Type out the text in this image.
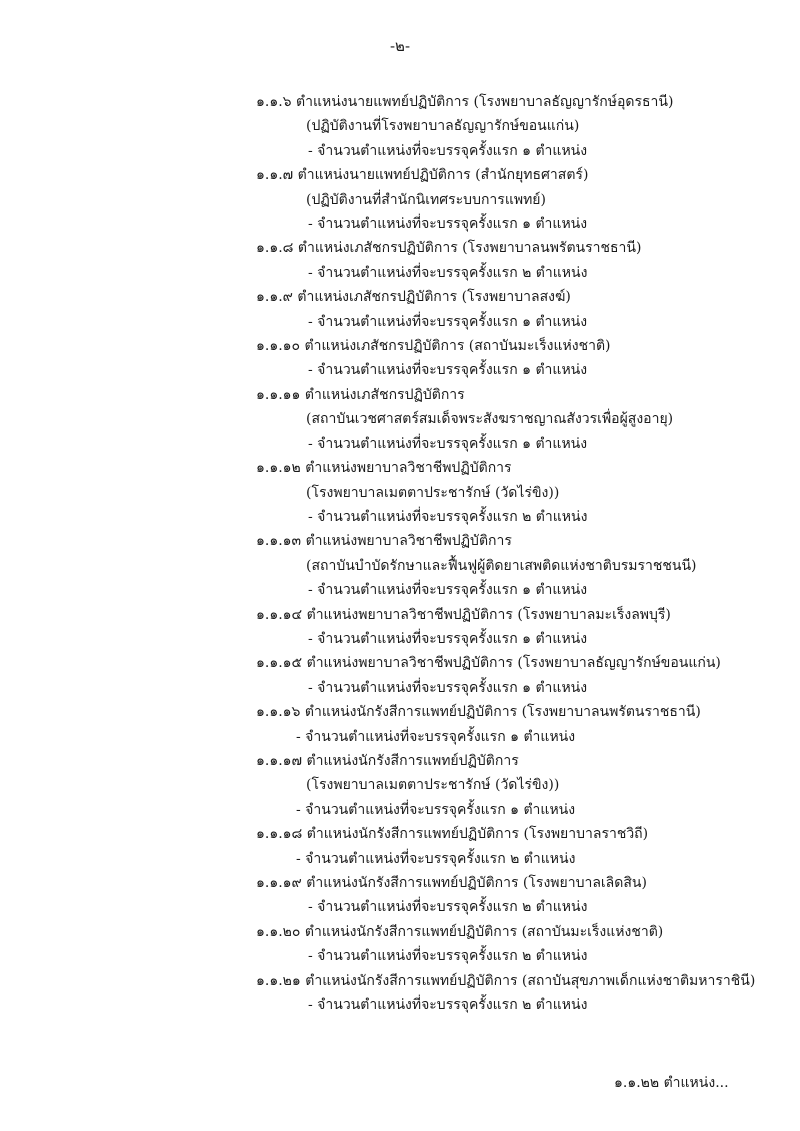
-๒-
๑.๑.๖ ตำแหน่งนายแพทย์ปฏิบัติการ (โรงพยาบาลธัญญารักษ์อุดรธานี)
(ปฏิบัติงานที่โรงพยาบาลธัญญารักษ์ขอนแก่น)
- จำนวนตำแหน่งที่จะบรรจุครั้งแรก ๑ ตำแหน่ง
๑.๑.๗ ตำแหน่งนายแพทย์ปฏิบัติการ (สำนักยุทธศาสตร์)
(ปฏิบัติงานที่สำนักนิเทศระบบการแพทย์)
- จำนวนตำแหน่งที่จะบรรจุครั้งแรก ๑ ตำแหน่ง
๑.๑.๘ ตำแหน่งเภสัชกรปฏิบัติการ (โรงพยาบาลนพรัตนราชธานี)
- จำนวนตำแหน่งที่จะบรรจุครั้งแรก ๒ ตำแหน่ง
๑.๑.๙ ตำแหน่งเภสัชกรปฏิบัติการ (โรงพยาบาลสงฆ์)
- จำนวนตำแหน่งที่จะบรรจุครั้งแรก ๑ ตำแหน่ง
๑.๑.๑๐ ตำแหน่งเภสัชกรปฏิบัติการ (สถาบันมะเร็งแห่งชาติ)
- จำนวนตำแหน่งที่จะบรรจุครั้งแรก ๑ ตำแหน่ง
๑.๑.๑๑ ตำแหน่งเภสัชกรปฏิบัติการ
(สถาบันเวชศาสตร์สมเด็จพระสังฆราชญาณสังวรเพื่อผู้สูงอายุ)
- จำนวนตำแหน่งที่จะบรรจุครั้งแรก ๑ ตำแหน่ง
๑.๑.๑๒ ตำแหน่งพยาบาลวิชาชีพปฏิบัติการ
(โรงพยาบาลเมตตาประชารักษ์ (วัดไร่ขิง))
- จำนวนตำแหน่งที่จะบรรจุครั้งแรก ๒ ตำแหน่ง
๑.๑.๑๓ ตำแหน่งพยาบาลวิชาชีพปฏิบัติการ
(สถาบันบำบัดรักษาและฟื้นฟูผู้ติดยาเสพติดแห่งชาติบรมราชชนนี)
- จำนวนตำแหน่งที่จะบรรจุครั้งแรก ๑ ตำแหน่ง
๑.๑.๑๔ ตำแหน่งพยาบาลวิชาชีพปฏิบัติการ (โรงพยาบาลมะเร็งลพบุรี)
- จำนวนตำแหน่งที่จะบรรจุครั้งแรก ๑ ตำแหน่ง
๑.๑.๑๕ ตำแหน่งพยาบาลวิชาชีพปฏิบัติการ (โรงพยาบาลธัญญารักษ์ขอนแก่น)
- จำนวนตำแหน่งที่จะบรรจุครั้งแรก ๑ ตำแหน่ง
๑.๑.๑๖ ตำแหน่งนักรังสีการแพทย์ปฏิบัติการ (โรงพยาบาลนพรัตนราชธานี)
- จำนวนตำแหน่งที่จะบรรจุครั้งแรก ๑ ตำแหน่ง
๑.๑.๑๗ ตำแหน่งนักรังสีการแพทย์ปฏิบัติการ
(โรงพยาบาลเมตตาประชารักษ์ (วัดไร่ขิง))
- จำนวนตำแหน่งที่จะบรรจุครั้งแรก ๑ ตำแหน่ง
๑.๑.๑๘ ตำแหน่งนักรังสีการแพทย์ปฏิบัติการ (โรงพยาบาลราชวิถี)
- จำนวนตำแหน่งที่จะบรรจุครั้งแรก ๒ ตำแหน่ง
๑.๑.๑๙ ตำแหน่งนักรังสีการแพทย์ปฏิบัติการ (โรงพยาบาลเลิดสิน)
- จำนวนตำแหน่งที่จะบรรจุครั้งแรก ๒ ตำแหน่ง
๑.๑.๒๐ ตำแหน่งนักรังสีการแพทย์ปฏิบัติการ (สถาบันมะเร็งแห่งชาติ)
- จำนวนตำแหน่งที่จะบรรจุครั้งแรก ๒ ตำแหน่ง
๑.๑.๒๑ ตำแหน่งนักรังสีการแพทย์ปฏิบัติการ (สถาบันสุขภาพเด็กแห่งชาติมหาราชินี)
- จำนวนตำแหน่งที่จะบรรจุครั้งแรก ๒ ตำแหน่ง
๑.๑.๒๒ ตำแหน่ง...
